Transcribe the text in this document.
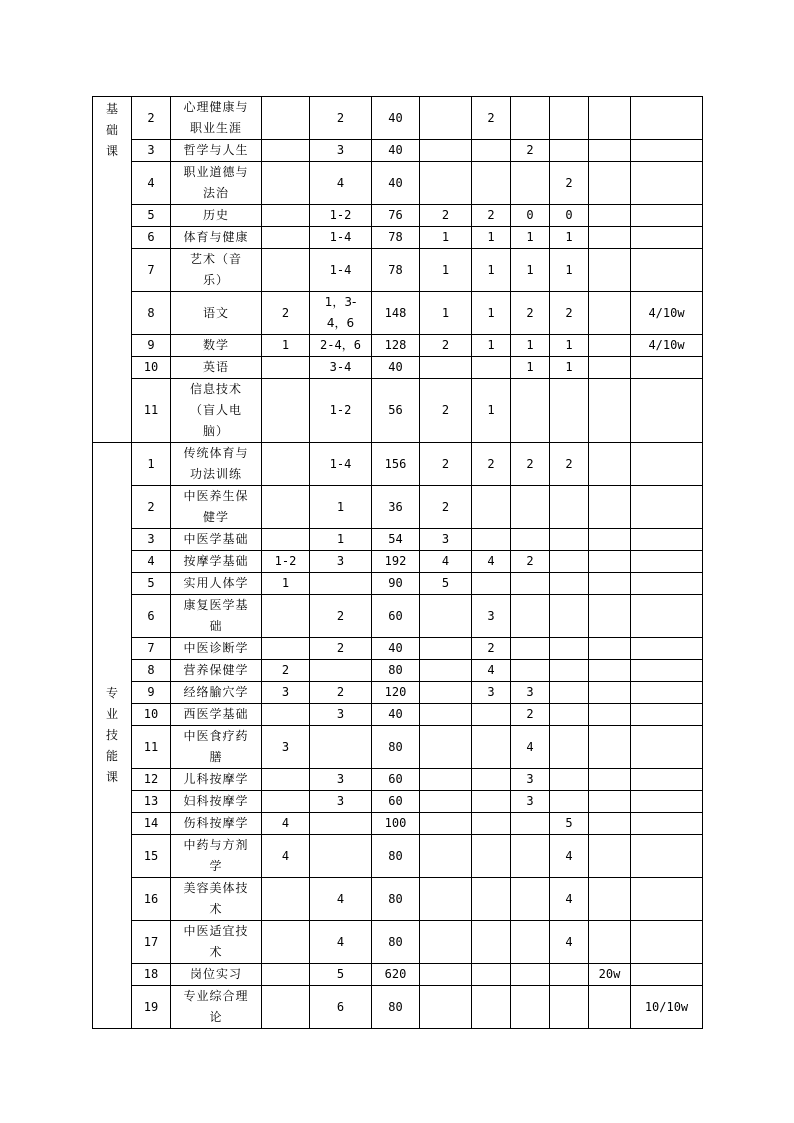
基
础
课	2	心理健康与
职业生涯		2	40		2				
	3	哲学与人生		3	40			2			
	4	职业道德与
法治		4	40				2		
	5	历史		1-2	76	2	2	0	0		
	6	体育与健康		1-4	78	1	1	1	1		
	7	艺术（音
乐）		1-4	78	1	1	1	1		
	8	语文	2	1，3-
4，6	148	1	1	2	2		4/10w
	9	数学	1	2-4，6	128	2	1	1	1		4/10w
	10	英语		3-4	40			1	1		
	11	信息技术
（盲人电
脑）		1-2	56	2	1				
专
业
技
能
课	1	传统体育与
功法训练		1-4	156	2	2	2	2		
	2	中医养生保
健学		1	36	2					
	3	中医学基础		1	54	3					
	4	按摩学基础	1-2	3	192	4	4	2			
	5	实用人体学	1		90	5					
	6	康复医学基
础		2	60		3				
	7	中医诊断学		2	40		2				
	8	营养保健学	2		80		4				
	9	经络腧穴学	3	2	120		3	3			
	10	西医学基础		3	40			2			
	11	中医食疗药
膳	3		80			4			
	12	儿科按摩学		3	60			3			
	13	妇科按摩学		3	60			3			
	14	伤科按摩学	4		100				5		
	15	中药与方剂
学	4		80				4		
	16	美容美体技
术		4	80				4		
	17	中医适宜技
术		4	80				4		
	18	岗位实习		5	620					20w	
	19	专业综合理
论		6	80						10/10w
